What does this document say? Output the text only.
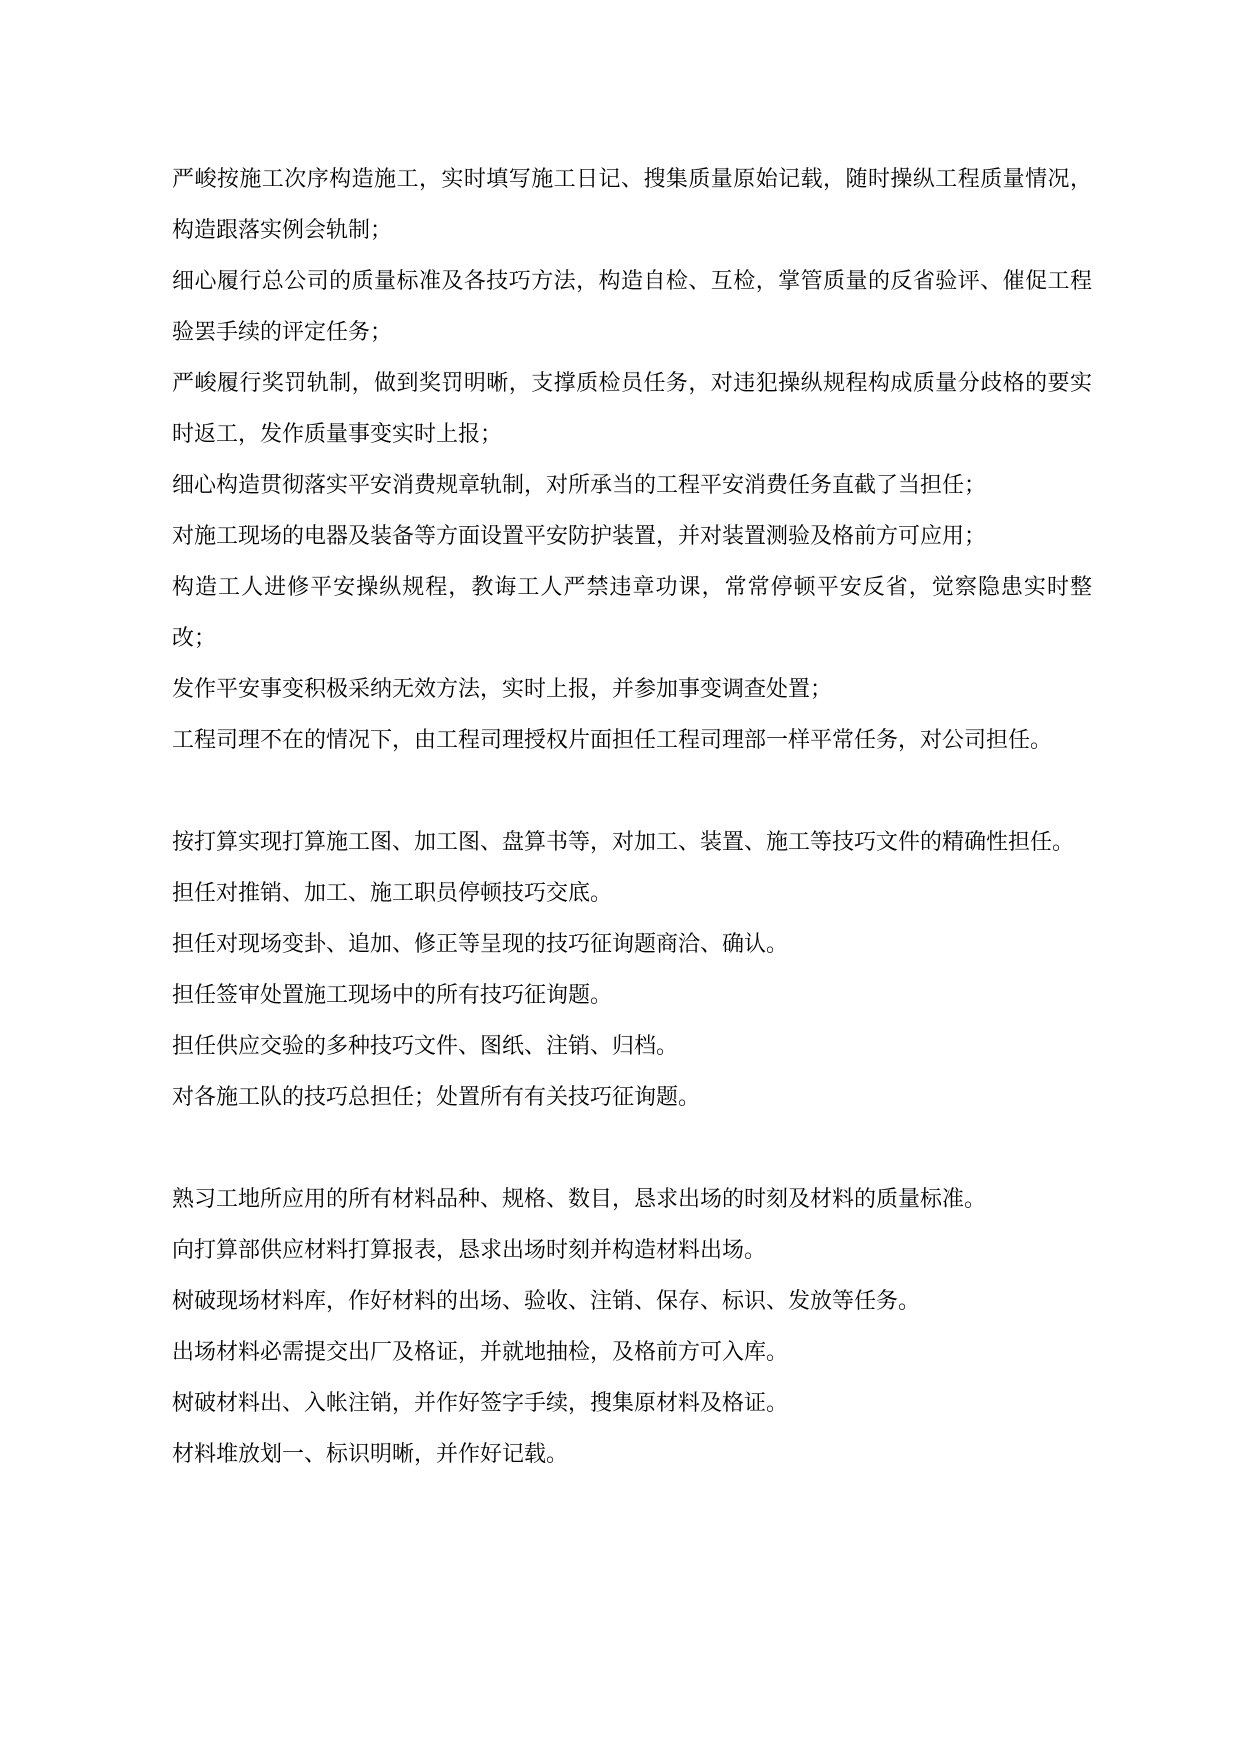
严峻按施工次序构造施工，实时填写施工日记、搜集质量原始记载，随时操纵工程质量情况，构造跟落实例会轨制；

细心履行总公司的质量标准及各技巧方法，构造自检、互检，掌管质量的反省验评、催促工程验罢手续的评定任务；

严峻履行奖罚轨制，做到奖罚明晰，支撑质检员任务，对违犯操纵规程构成质量分歧格的要实时返工，发作质量事变实时上报；

细心构造贯彻落实平安消费规章轨制，对所承当的工程平安消费任务直截了当担任；

对施工现场的电器及装备等方面设置平安防护装置，并对装置测验及格前方可应用；

构造工人进修平安操纵规程，教诲工人严禁违章功课，常常停顿平安反省，觉察隐患实时整改；

发作平安事变积极采纳无效方法，实时上报，并参加事变调查处置；

工程司理不在的情况下，由工程司理授权片面担任工程司理部一样平常任务，对公司担任。

按打算实现打算施工图、加工图、盘算书等，对加工、装置、施工等技巧文件的精确性担任。

担任对推销、加工、施工职员停顿技巧交底。

担任对现场变卦、追加、修正等呈现的技巧征询题商洽、确认。

担任签审处置施工现场中的所有技巧征询题。

担任供应交验的多种技巧文件、图纸、注销、归档。

对各施工队的技巧总担任；处置所有有关技巧征询题。

熟习工地所应用的所有材料品种、规格、数目，恳求出场的时刻及材料的质量标准。

向打算部供应材料打算报表，恳求出场时刻并构造材料出场。

树破现场材料库，作好材料的出场、验收、注销、保存、标识、发放等任务。

出场材料必需提交出厂及格证，并就地抽检，及格前方可入库。

树破材料出、入帐注销，并作好签字手续，搜集原材料及格证。

材料堆放划一、标识明晰，并作好记载。
